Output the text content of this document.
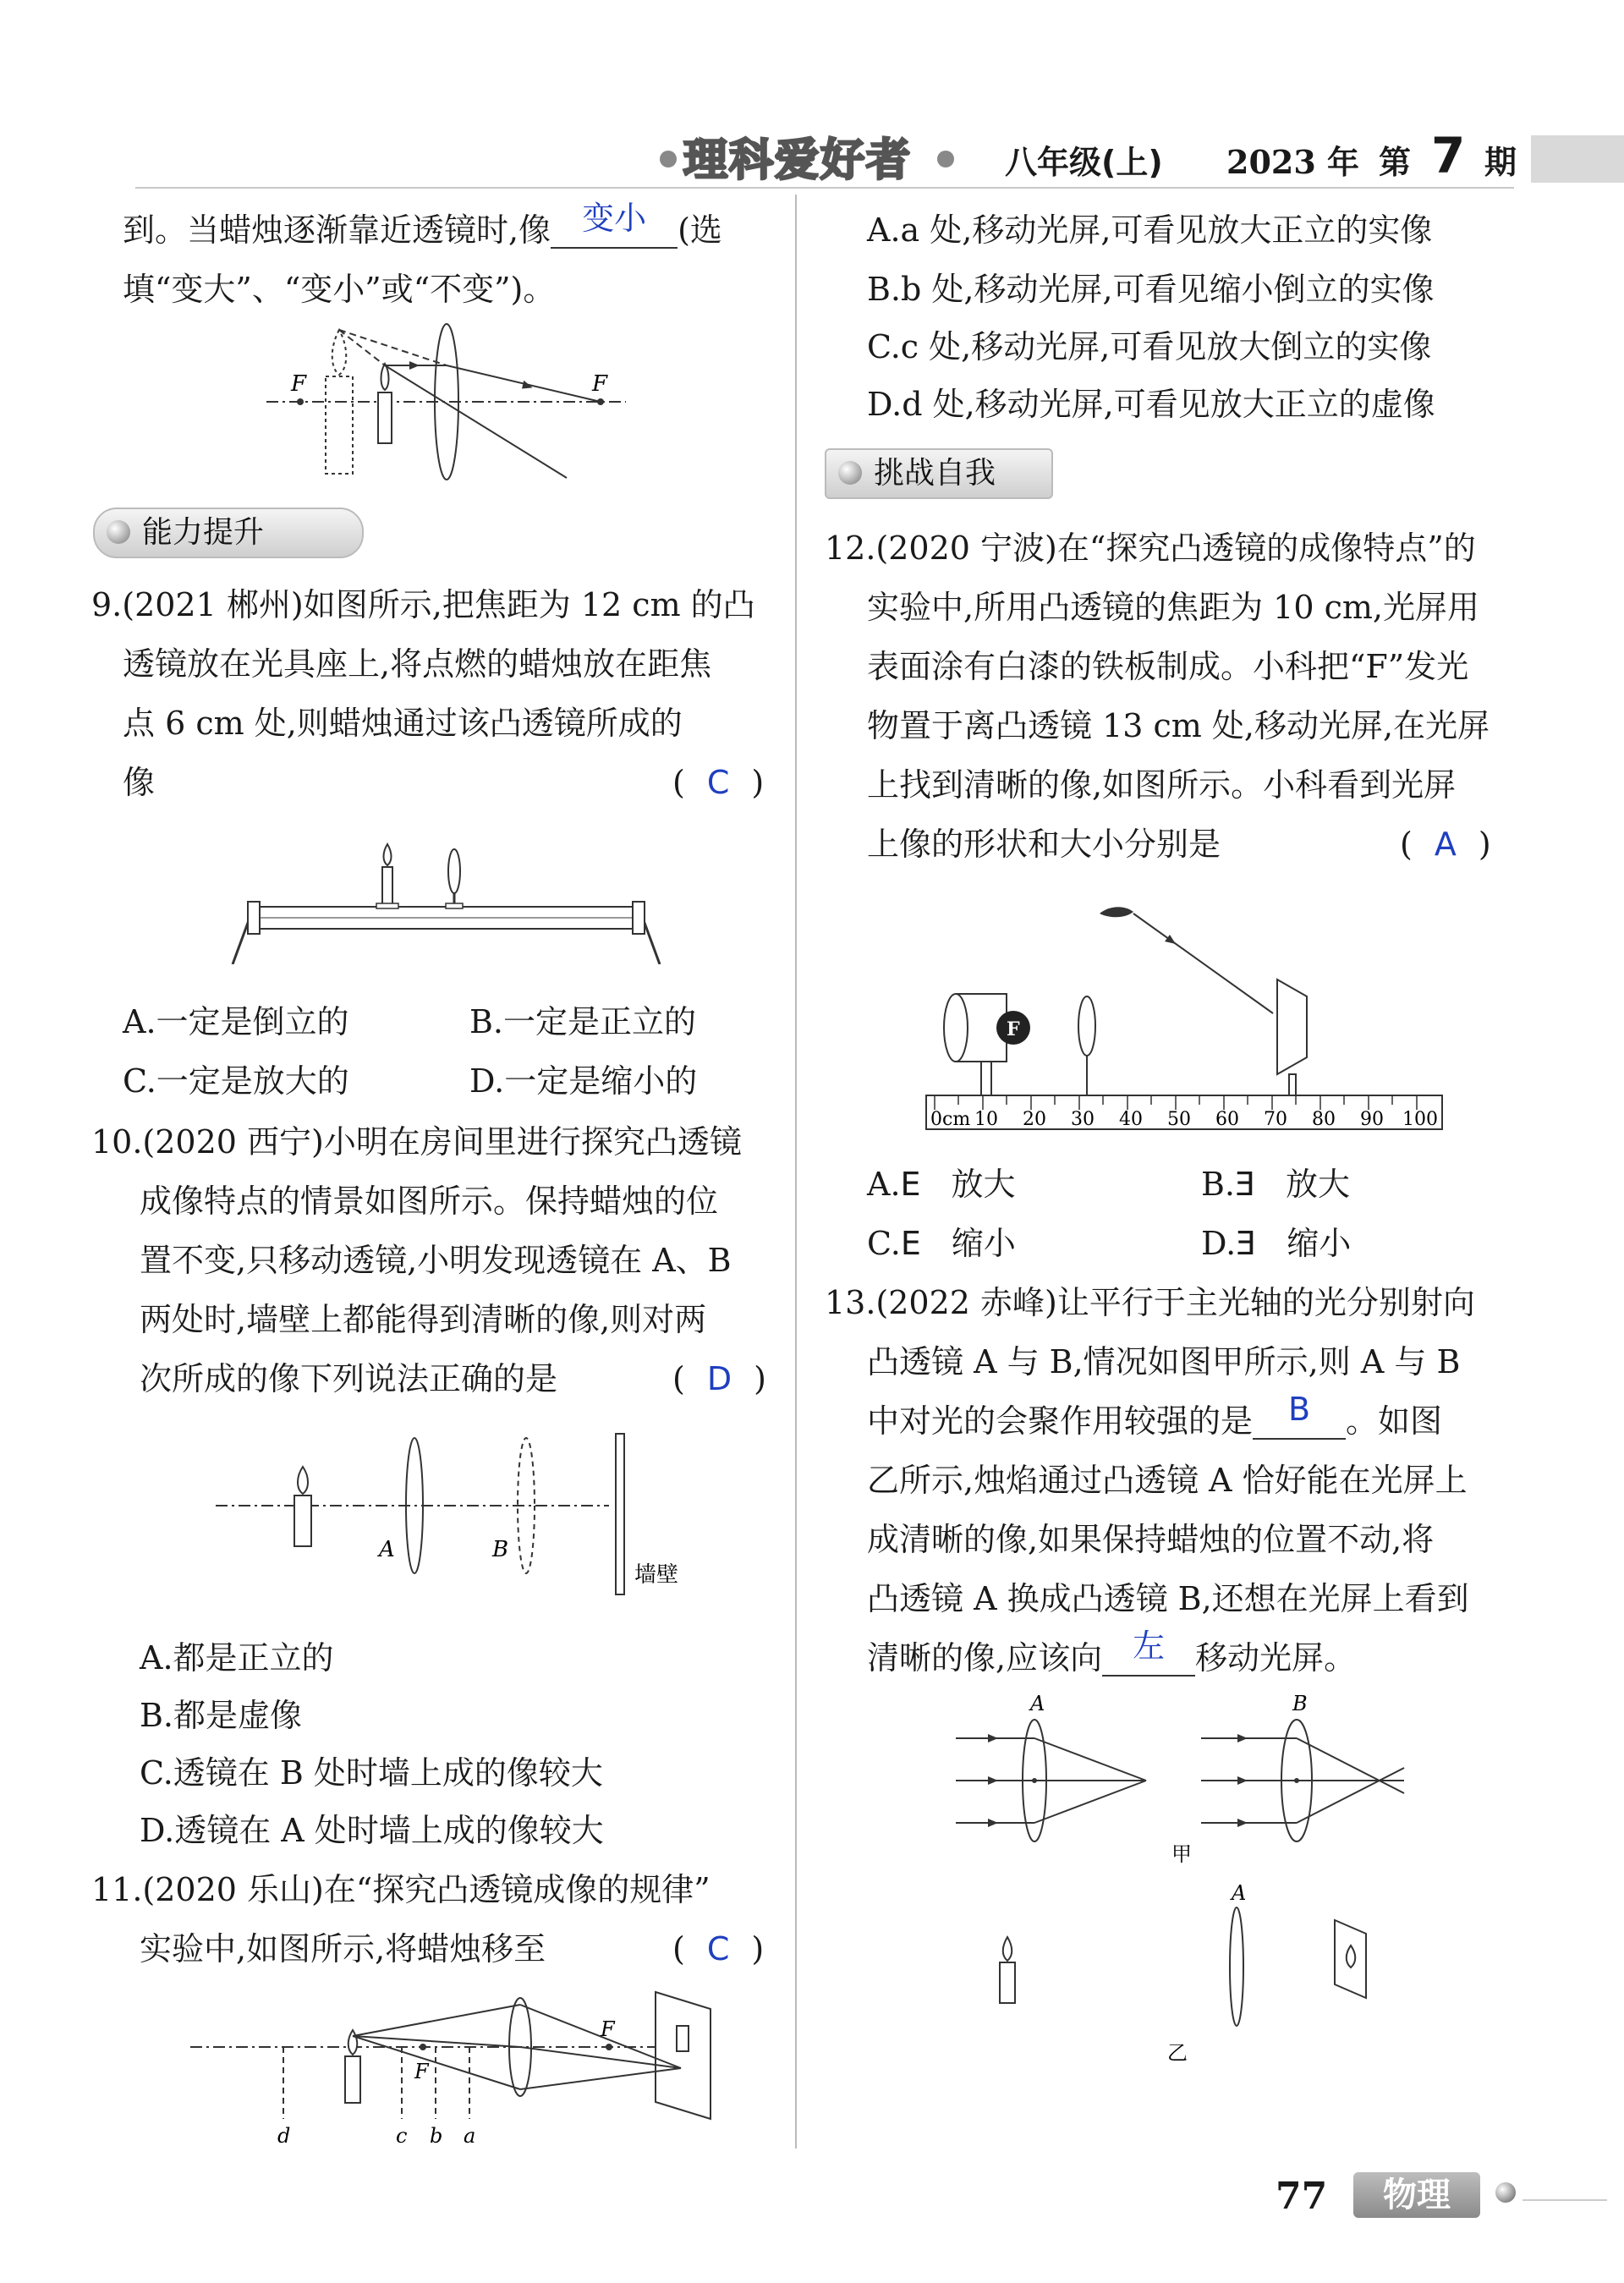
理科爱好者	八年级(上) 2023 年 第 7 期
到。当蜡烛逐渐靠近透镜时,像 变小 (选
填“变大”、“变小”或“不变”)。
F	F
能力提升
9.(2021 郴州)如图所示,把焦距为 12 cm 的凸
透镜放在光具座上,将点燃的蜡烛放在距焦
点 6 cm 处,则蜡烛通过该凸透镜所成的
像	( C )
A.一定是倒立的	B.一定是正立的
C.一定是放大的	D.一定是缩小的
10.(2020 西宁)小明在房间里进行探究凸透镜
成像特点的情景如图所示。保持蜡烛的位
置不变,只移动透镜,小明发现透镜在 A、B
两处时,墙壁上都能得到清晰的像,则对两
次所成的像下列说法正确的是	( D )
A	B
墙壁
A.都是正立的
B.都是虚像
C.透镜在 B 处时墙上成的像较大
D.透镜在 A 处时墙上成的像较大
11.(2020 乐山)在“探究凸透镜成像的规律”
实验中,如图所示,将蜡烛移至	( C )
F
F
d	c b a
A.a 处,移动光屏,可看见放大正立的实像
B.b 处,移动光屏,可看见缩小倒立的实像
C.c 处,移动光屏,可看见放大倒立的实像
D.d 处,移动光屏,可看见放大正立的虚像
挑战自我
12.(2020 宁波)在“探究凸透镜的成像特点”的
实验中,所用凸透镜的焦距为 10 cm,光屏用
表面涂有白漆的铁板制成。小科把“F”发光
物置于离凸透镜 13 cm 处,移动光屏,在光屏
上找到清晰的像,如图所示。小科看到光屏
上像的形状和大小分别是	( A )
F
0cm 10 20 30 40 50 60 70 80 90 100
A.E 放大	B.E 放大
C.E 缩小	D.E 缩小
13.(2022 赤峰)让平行于主光轴的光分别射向
凸透镜 A 与 B,情况如图甲所示,则 A 与 B
中对光的会聚作用较强的是 B 。如图
乙所示,烛焰通过凸透镜 A 恰好能在光屏上
成清晰的像,如果保持蜡烛的位置不动,将
凸透镜 A 换成凸透镜 B,还想在光屏上看到
清晰的像,应该向 左 移动光屏。
A	B
甲
A
乙
77	物理
